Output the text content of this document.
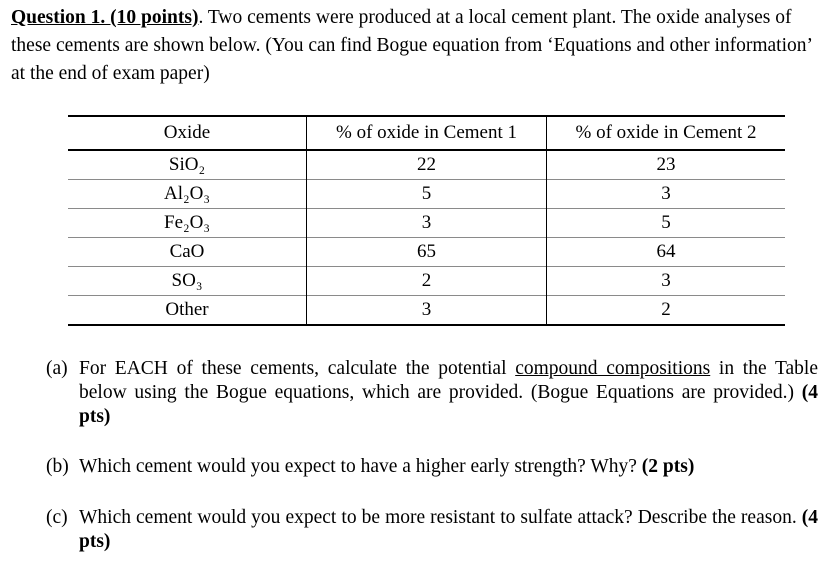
Question 1. (10 points). Two cements were produced at a local cement plant. The oxide analyses of these cements are shown below. (You can find Bogue equation from ‘Equations and other information’ at the end of exam paper)
Oxide	% of oxide in Cement 1	% of oxide in Cement 2
SiO₂	22	23
Al₂O₃	5	3
Fe₂O₃	3	5
CaO	65	64
SO₃	2	3
Other	3	2
(a) For EACH of these cements, calculate the potential compound compositions in the Table below using the Bogue equations, which are provided. (Bogue Equations are provided.) (4 pts)
(b) Which cement would you expect to have a higher early strength? Why? (2 pts)
(c) Which cement would you expect to be more resistant to sulfate attack? Describe the reason. (4 pts)
